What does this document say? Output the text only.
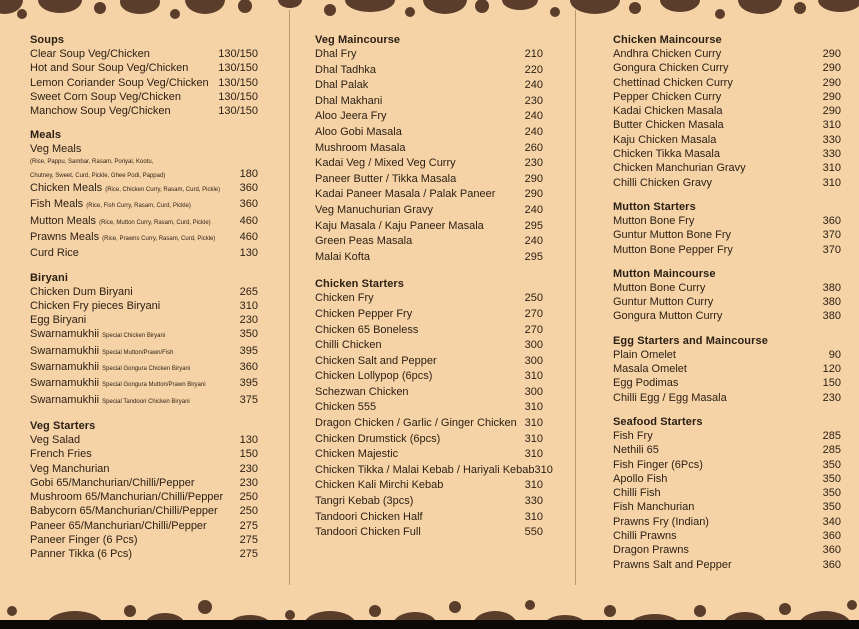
Soups
Clear Soup Veg/Chicken	130/150
Hot and Sour Soup Veg/Chicken	130/150
Lemon Coriander Soup Veg/Chicken 130/150
Sweet Corn Soup Veg/Chicken	130/150
Manchow Soup Veg/Chicken	130/150
Meals
Veg Meals
(Rice, Pappu, Sambar, Rasam, Poriyal, Kootu,
Chutney, Sweet, Curd, Pickle, Ghee Podi, Pappad)	180
Chicken Meals (Rice, Chicken Curry, Rasam, Curd, Pickle) 360
Fish Meals (Rice, Fish Curry, Rasam, Curd, Pickle)	360
Mutton Meals (Rice, Mutton Curry, Rasam, Curd, Pickle)	460
Prawns Meals (Rice, Prawns Curry, Rasam, Curd, Pickle) 460
Curd Rice	130
Biryani
Chicken Dum Biryani	265
Chicken Fry pieces Biryani	310
Egg Biryani	230
Swarnamukhii Special Chicken Biryani	350
Swarnamukhii Special Mutton/Prawn/Fish	395
Swarnamukhii Special Gongura Chicken Biryani	360
Swarnamukhii Special Gongura Mutton/Prawn Biryani	395
Swarnamukhii Special Tandoori Chicken Biryani	375
Veg Starters
Veg Salad	130
French Fries	150
Veg Manchurian	230
Gobi 65/Manchurian/Chilli/Pepper	230
Mushroom 65/Manchurian/Chilli/Pepper 250
Babycorn 65/Manchurian/Chilli/Pepper 250
Paneer 65/Manchurian/Chilli/Pepper	275
Paneer Finger (6 Pcs)	275
Panner Tikka (6 Pcs)	275
Veg Maincourse
Dhal Fry	210
Dhal Tadhka	220
Dhal Palak	240
Dhal Makhani	230
Aloo Jeera Fry	240
Aloo Gobi Masala	240
Mushroom Masala	260
Kadai Veg / Mixed Veg Curry	230
Paneer Butter / Tikka Masala	290
Kadai Paneer Masala / Palak Paneer	290
Veg Manuchurian Gravy	240
Kaju Masala / Kaju Paneer Masala	295
Green Peas Masala	240
Malai Kofta	295
Chicken Starters
Chicken Fry	250
Chicken Pepper Fry	270
Chicken 65 Boneless	270
Chilli Chicken	300
Chicken Salt and Pepper	300
Chicken Lollypop (6pcs)	310
Schezwan Chicken	300
Chicken 555	310
Dragon Chicken / Garlic / Ginger Chicken 310
Chicken Drumstick (6pcs)	310
Chicken Majestic	310
Chicken Tikka / Malai Kebab / Hariyali Kebab 310
Chicken Kali Mirchi Kebab	310
Tangri Kebab (3pcs)	330
Tandoori Chicken Half	310
Tandoori Chicken Full	550
Chicken Maincourse
Andhra Chicken Curry	290
Gongura Chicken Curry	290
Chettinad Chicken Curry	290
Pepper Chicken Curry	290
Kadai Chicken Masala	290
Butter Chicken Masala	310
Kaju Chicken Masala	330
Chicken Tikka Masala	330
Chicken Manchurian Gravy	310
Chilli Chicken Gravy	310
Mutton Starters
Mutton Bone Fry	360
Guntur Mutton Bone Fry	370
Mutton Bone Pepper Fry	370
Mutton Maincourse
Mutton Bone Curry	380
Guntur Mutton Curry	380
Gongura Mutton Curry	380
Egg Starters and Maincourse
Plain Omelet	90
Masala Omelet	120
Egg Podimas	150
Chilli Egg / Egg Masala	230
Seafood Starters
Fish Fry	285
Nethili 65	285
Fish Finger (6Pcs)	350
Apollo Fish	350
Chilli Fish	350
Fish Manchurian	350
Prawns Fry (Indian)	340
Chilli Prawns	360
Dragon Prawns	360
Prawns Salt and Pepper	360
